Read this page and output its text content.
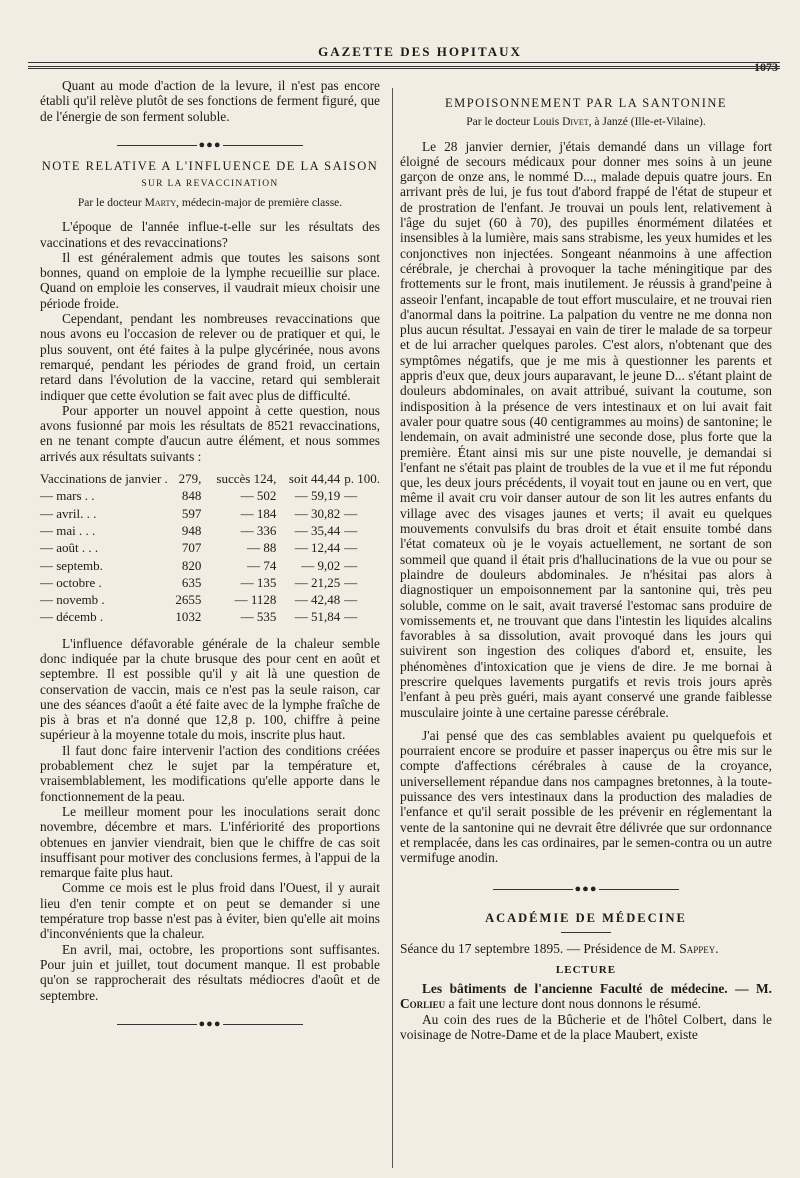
GAZETTE DES HOPITAUX
1073

Quant au mode d'action de la levure, il n'est pas encore établi qu'il relève plutôt de ses fonctions de ferment figuré, que de l'énergie de son ferment soluble.

●●●
NOTE RELATIVE A L'INFLUENCE DE LA SAISON
SUR LA REVACCINATION
Par le docteur Marty, médecin-major de première classe.

L'époque de l'année influe-t-elle sur les résultats des vaccinations et des revaccinations?

Il est généralement admis que toutes les saisons sont bonnes, quand on emploie de la lymphe recueillie sur place. Quand on emploie les conserves, il vaudrait mieux choisir une période froide.

Cependant, pendant les nombreuses revaccinations que nous avons eu l'occasion de relever ou de pratiquer et qui, le plus souvent, ont été faites à la pulpe glycérinée, nous avons remarqué, pendant les périodes de grand froid, un certain retard dans l'évolution de la vaccine, retard qui semblerait indiquer que cette évolution se fait avec plus de difficulté.

Pour apporter un nouvel appoint à cette question, nous avons fusionné par mois les résultats de 8521 revaccinations, en ne tenant compte d'aucun autre élément, et nous sommes arrivés aux résultats suivants :

Vaccinations de janvier .	279,	succès 124,	soit 44,44	p. 100.
— mars . .	848	— 502	— 59,19	—
— avril. . .	597	— 184	— 30,82	—
— mai . . .	948	— 336	— 35,44	—
— août . . .	707	— 88	— 12,44	—
— septemb.	820	— 74	— 9,02	—
— octobre .	635	— 135	— 21,25	—
— novemb .	2655	— 1128	— 42,48	—
— décemb .	1032	— 535	— 51,84	—

L'influence défavorable générale de la chaleur semble donc indiquée par la chute brusque des pour cent en août et septembre. Il est possible qu'il y ait là une question de conservation de vaccin, mais ce n'est pas la seule raison, car une des séances d'août a été faite avec de la lymphe fraîche de pis à bras et n'a donné que 12,8 p. 100, chiffre à peine supérieur à la moyenne totale du mois, inscrite plus haut.

Il faut donc faire intervenir l'action des conditions créées probablement chez le sujet par la température et, vraisemblablement, les modifications qu'elle apporte dans le fonctionnement de la peau.

Le meilleur moment pour les inoculations serait donc novembre, décembre et mars. L'infériorité des proportions obtenues en janvier viendrait, bien que le chiffre de cas soit insuffisant pour motiver des conclusions fermes, à l'appui de la remarque faite plus haut.

Comme ce mois est le plus froid dans l'Ouest, il y aurait lieu d'en tenir compte et on peut se demander si une température trop basse n'est pas à éviter, bien qu'elle ait moins d'inconvénients que la chaleur.

En avril, mai, octobre, les proportions sont suffisantes. Pour juin et juillet, tout document manque. Il est probable qu'on se rapprocherait des résultats médiocres d'août et de septembre.

●●●
EMPOISONNEMENT PAR LA SANTONINE
Par le docteur Louis Divet, à Janzé (Ille-et-Vilaine).

Le 28 janvier dernier, j'étais demandé dans un village fort éloigné de secours médicaux pour donner mes soins à un jeune garçon de onze ans, le nommé D..., malade depuis quatre jours. En arrivant près de lui, je fus tout d'abord frappé de l'état de stupeur et de prostration de l'enfant. Je trouvai un pouls lent, relativement à l'âge du sujet (60 à 70), des pupilles énormément dilatées et insensibles à la lumière, mais sans strabisme, les yeux humides et les conjonctives non injectées. Songeant néanmoins à une affection cérébrale, je cherchai à provoquer la tache méningitique par des frottements sur le front, mais inutilement. Je réussis à grand'peine à asseoir l'enfant, incapable de tout effort musculaire, et ne trouvai rien d'anormal dans la poitrine. La palpation du ventre ne me donna non plus aucun résultat. J'essayai en vain de tirer le malade de sa torpeur et de lui arracher quelques paroles. C'est alors, n'obtenant que des symptômes négatifs, que je me mis à questionner les parents et appris d'eux que, deux jours auparavant, le jeune D... s'étant plaint de douleurs abdominales, on avait attribué, suivant la coutume, son indisposition à la présence de vers intestinaux et on lui avait fait avaler pour quatre sous (40 centigrammes au moins) de santonine; le lendemain, on avait administré une seconde dose, plus forte que la première. Étant ainsi mis sur une piste nouvelle, je demandai si l'enfant ne s'était pas plaint de troubles de la vue et il me fut répondu que, les deux jours précédents, il voyait tout en jaune ou en vert, que même il avait cru voir danser autour de son lit les autres enfants du village avec des visages jaunes et verts; il avait eu quelques mouvements convulsifs du bras droit et était ensuite tombé dans l'état comateux où je le voyais actuellement, ne sortant de son sommeil que quand il était pris d'hallucinations de la vue ou pour se plaindre de douleurs abdominales. Je n'hésitai pas alors à diagnostiquer un empoisonnement par la santonine qui, très peu soluble, comme on le sait, avait traversé l'estomac sans produire de vomissements et, ne trouvant que dans l'intestin les liquides alcalins favorables à sa dissolution, avait provoqué dans les jours qui suivirent son ingestion des coliques d'abord et, ensuite, les phénomènes d'intoxication que je viens de dire. Je me bornai à prescrire quelques lavements purgatifs et revis trois jours après l'enfant à peu près guéri, mais ayant conservé une grande faiblesse musculaire jointe à une certaine paresse cérébrale.

J'ai pensé que des cas semblables avaient pu quelquefois et pourraient encore se produire et passer inaperçus ou être mis sur le compte d'affections cérébrales à cause de la croyance, universellement répandue dans nos campagnes bretonnes, à la toute-puissance des vers intestinaux dans la production des maladies de l'enfance et qu'il serait possible de les prévenir en réglementant la vente de la santonine qui ne devrait être délivrée que sur ordonnance et remplacée, dans les cas ordinaires, par le semen-contra ou un autre vermifuge anodin.

●●●
ACADÉMIE DE MÉDECINE

Séance du 17 septembre 1895. — Présidence de M. Sappey.

LECTURE

Les bâtiments de l'ancienne Faculté de médecine. — M. Corlieu a fait une lecture dont nous donnons le résumé.

Au coin des rues de la Bûcherie et de l'hôtel Colbert, dans le voisinage de Notre-Dame et de la place Maubert, existe
